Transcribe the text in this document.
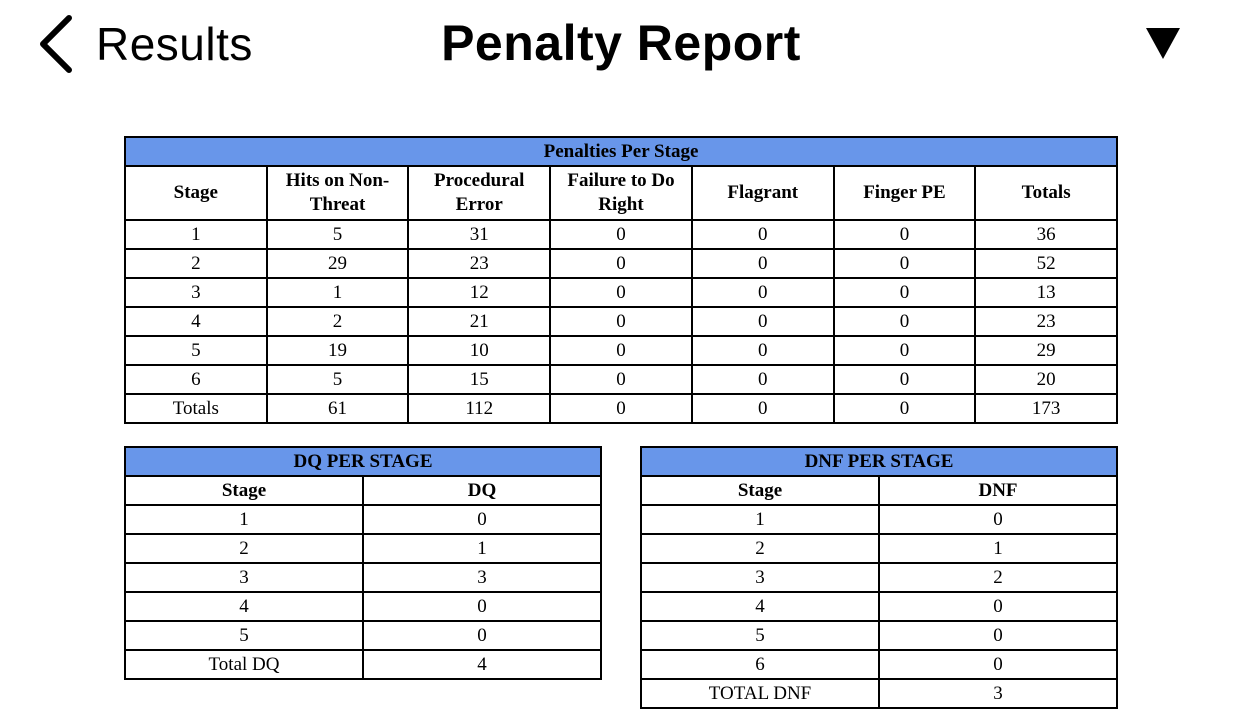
Results	Penalty Report
Penalties Per Stage						
Stage	Hits on Non-Threat	Procedural Error	Failure to Do Right	Flagrant	Finger PE	Totals
1	5	31	0	0	0	36
2	29	23	0	0	0	52
3	1	12	0	0	0	13
4	2	21	0	0	0	23
5	19	10	0	0	0	29
6	5	15	0	0	0	20
Totals	61	112	0	0	0	173
DQ PER STAGE	
Stage	DQ
1	0
2	1
3	3
4	0
5	0
Total DQ	4
DNF PER STAGE	
Stage	DNF
1	0
2	1
3	2
4	0
5	0
6	0
TOTAL DNF	3
